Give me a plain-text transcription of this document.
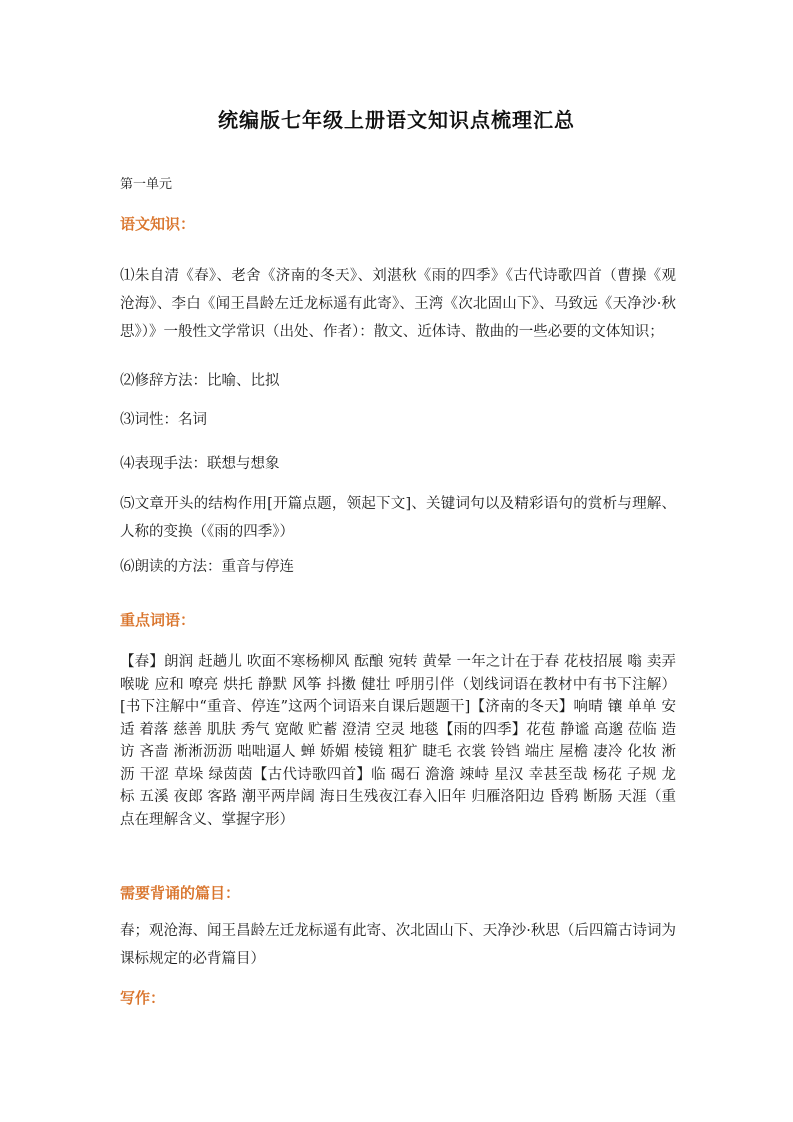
统编版七年级上册语文知识点梳理汇总
第一单元
语文知识：
⑴朱自清《春》、老舍《济南的冬天》、刘湛秋《雨的四季》《古代诗歌四首（曹操《观沧海》、李白《闻王昌龄左迁龙标遥有此寄》、王湾《次北固山下》、马致远《天净沙·秋思》）》一般性文学常识（出处、作者）：散文、近体诗、散曲的一些必要的文体知识；
⑵修辞方法：比喻、比拟
⑶词性：名词
⑷表现手法：联想与想象
⑸文章开头的结构作用[开篇点题，领起下文]、关键词句以及精彩语句的赏析与理解、人称的变换（《雨的四季》）
⑹朗读的方法：重音与停连
重点词语：
【春】朗润 赶趟儿 吹面不寒杨柳风 酝酿 宛转 黄晕 一年之计在于春 花枝招展 嗡 卖弄 喉咙 应和 嘹亮 烘托 静默 风筝 抖擞 健壮 呼朋引伴（划线词语在教材中有书下注解）[书下注解中“重音、停连”这两个词语来自课后题题干]【济南的冬天】响晴 镶 单单 安适 着落 慈善 肌肤 秀气 宽敞 贮蓄 澄清 空灵 地毯【雨的四季】花苞 静谧 高邈 莅临 造访 吝啬 淅淅沥沥 咄咄逼人 蝉 娇媚 棱镜 粗犷 睫毛 衣裳 铃铛 端庄 屋檐 凄冷 化妆 淅沥 干涩 草垛 绿茵茵【古代诗歌四首】临 碣石 澹澹 竦峙 星汉 幸甚至哉 杨花 子规 龙标 五溪 夜郎 客路 潮平两岸阔 海日生残夜江春入旧年 归雁洛阳边 昏鸦 断肠 天涯（重点在理解含义、掌握字形）
需要背诵的篇目：
春；观沧海、闻王昌龄左迁龙标遥有此寄、次北固山下、天净沙·秋思（后四篇古诗词为课标规定的必背篇目）
写作：
